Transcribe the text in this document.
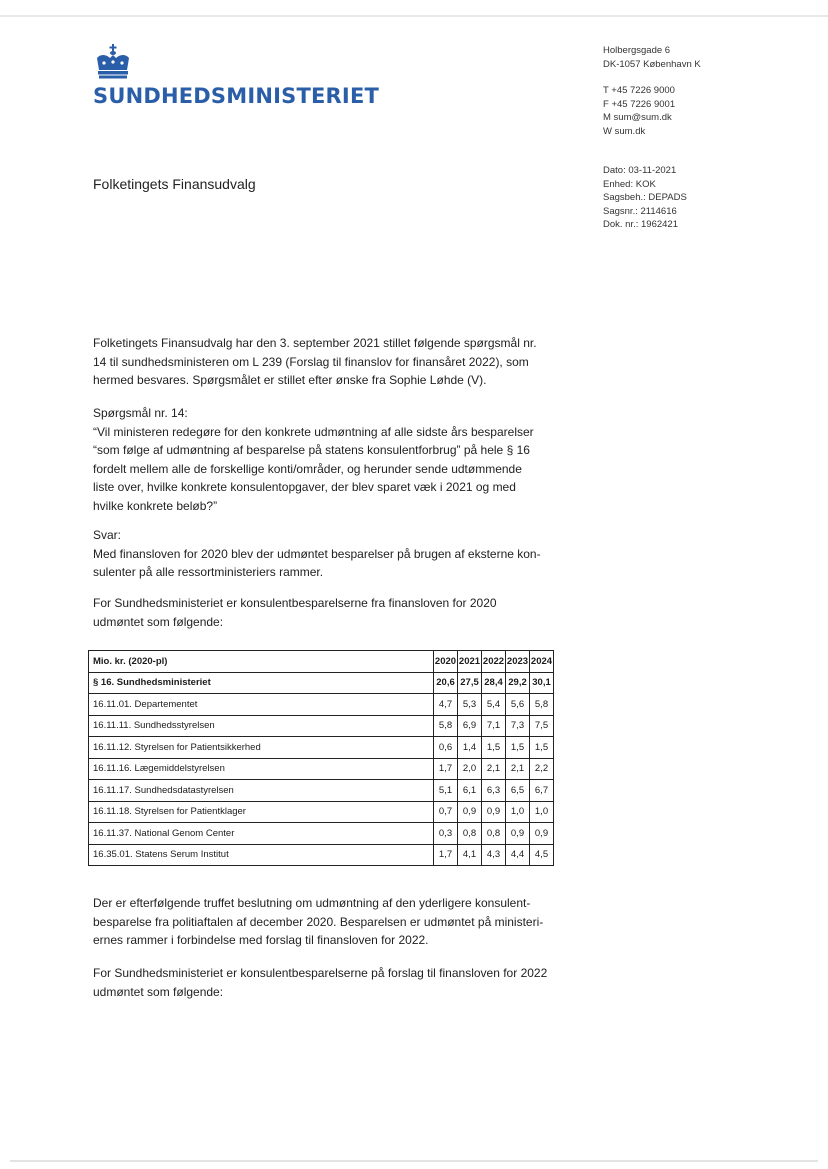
SUNDHEDSMINISTERIET
Holbergsgade 6
DK-1057 København K
T +45 7226 9000
F +45 7226 9001
M sum@sum.dk
W sum.dk
Dato: 03-11-2021
Enhed: KOK
Sagsbeh.: DEPADS
Sagsnr.: 2114616
Dok. nr.: 1962421
Folketingets Finansudvalg
Folketingets Finansudvalg har den 3. september 2021 stillet følgende spørgsmål nr.
14 til sundhedsministeren om L 239 (Forslag til finanslov for finansåret 2022), som
hermed besvares. Spørgsmålet er stillet efter ønske fra Sophie Løhde (V).
Spørgsmål nr. 14:
“Vil ministeren redegøre for den konkrete udmøntning af alle sidste års besparelser
“som følge af udmøntning af besparelse på statens konsulentforbrug” på hele § 16
fordelt mellem alle de forskellige konti/områder, og herunder sende udtømmende
liste over, hvilke konkrete konsulentopgaver, der blev sparet væk i 2021 og med
hvilke konkrete beløb?”
Svar:
Med finansloven for 2020 blev der udmøntet besparelser på brugen af eksterne kon-
sulenter på alle ressortministeriers rammer.
For Sundhedsministeriet er konsulentbesparelserne fra finansloven for 2020
udmøntet som følgende:
Mio. kr. (2020-pl)	2020	2021	2022	2023	2024
§ 16. Sundhedsministeriet	20,6	27,5	28,4	29,2	30,1
16.11.01. Departementet	4,7	5,3	5,4	5,6	5,8
16.11.11. Sundhedsstyrelsen	5,8	6,9	7,1	7,3	7,5
16.11.12. Styrelsen for Patientsikkerhed	0,6	1,4	1,5	1,5	1,5
16.11.16. Lægemiddelstyrelsen	1,7	2,0	2,1	2,1	2,2
16.11.17. Sundhedsdatastyrelsen	5,1	6,1	6,3	6,5	6,7
16.11.18. Styrelsen for Patientklager	0,7	0,9	0,9	1,0	1,0
16.11.37. National Genom Center	0,3	0,8	0,8	0,9	0,9
16.35.01. Statens Serum Institut	1,7	4,1	4,3	4,4	4,5
Der er efterfølgende truffet beslutning om udmøntning af den yderligere konsulent-
besparelse fra politiaftalen af december 2020. Besparelsen er udmøntet på ministeri-
ernes rammer i forbindelse med forslag til finansloven for 2022.
For Sundhedsministeriet er konsulentbesparelserne på forslag til finansloven for 2022
udmøntet som følgende:
